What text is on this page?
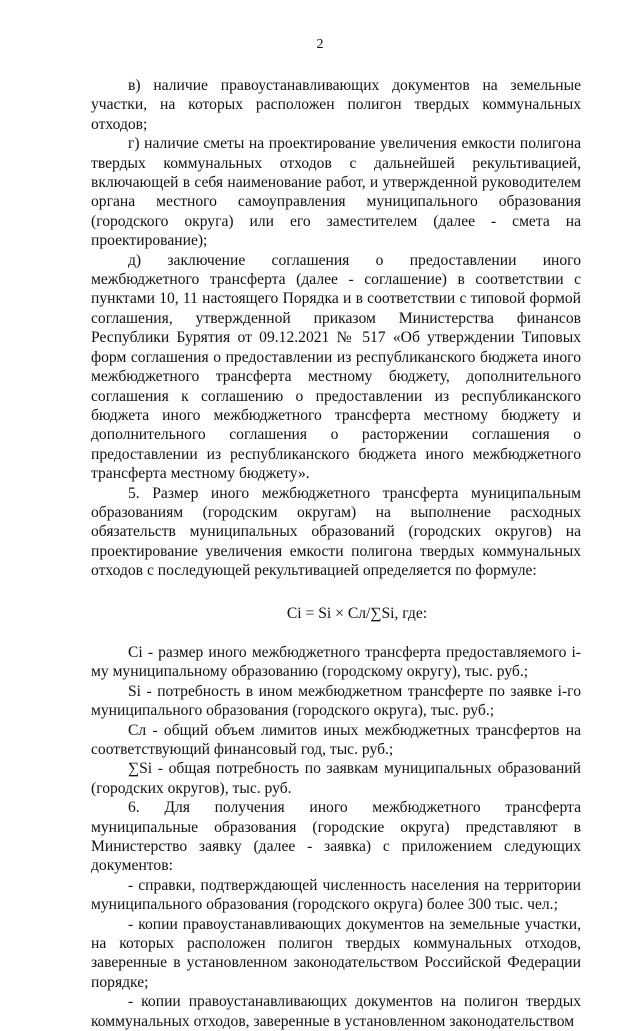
2

в) наличие правоустанавливающих документов на земельные участки, на которых расположен полигон твердых коммунальных отходов;

г) наличие сметы на проектирование увеличения емкости полигона твердых коммунальных отходов с дальнейшей рекультивацией, включающей в себя наименование работ, и утвержденной руководителем органа местного самоуправления муниципального образования (городского округа) или его заместителем (далее - смета на проектирование);

д) заключение соглашения о предоставлении иного межбюджетного трансферта (далее - соглашение) в соответствии с пунктами 10, 11 настоящего Порядка и в соответствии с типовой формой соглашения, утвержденной приказом Министерства финансов Республики Бурятия от 09.12.2021 № 517 «Об утверждении Типовых форм соглашения о предоставлении из республиканского бюджета иного межбюджетного трансферта местному бюджету, дополнительного соглашения к соглашению о предоставлении из республиканского бюджета иного межбюджетного трансферта местному бюджету и дополнительного соглашения о расторжении соглашения о предоставлении из республиканского бюджета иного межбюджетного трансферта местному бюджету».

5. Размер иного межбюджетного трансферта муниципальным образованиям (городским округам) на выполнение расходных обязательств муниципальных образований (городских округов) на проектирование увеличения емкости полигона твердых коммунальных отходов с последующей рекультивацией определяется по формуле:

Ci = Si × Cл/∑Si, где:

Ci - размер иного межбюджетного трансферта предоставляемого i-му муниципальному образованию (городскому округу), тыс. руб.;

Si - потребность в ином межбюджетном трансферте по заявке i-го муниципального образования (городского округа), тыс. руб.;

Cл - общий объем лимитов иных межбюджетных трансфертов на соответствующий финансовый год, тыс. руб.;

∑Si - общая потребность по заявкам муниципальных образований (городских округов), тыс. руб.

6. Для получения иного межбюджетного трансферта муниципальные образования (городские округа) представляют в Министерство заявку (далее - заявка) с приложением следующих документов:

- справки, подтверждающей численность населения на территории муниципального образования (городского округа) более 300 тыс. чел.;

- копии правоустанавливающих документов на земельные участки, на которых расположен полигон твердых коммунальных отходов, заверенные в установленном законодательством Российской Федерации порядке;

- копии правоустанавливающих документов на полигон твердых коммунальных отходов, заверенные в установленном законодательством
